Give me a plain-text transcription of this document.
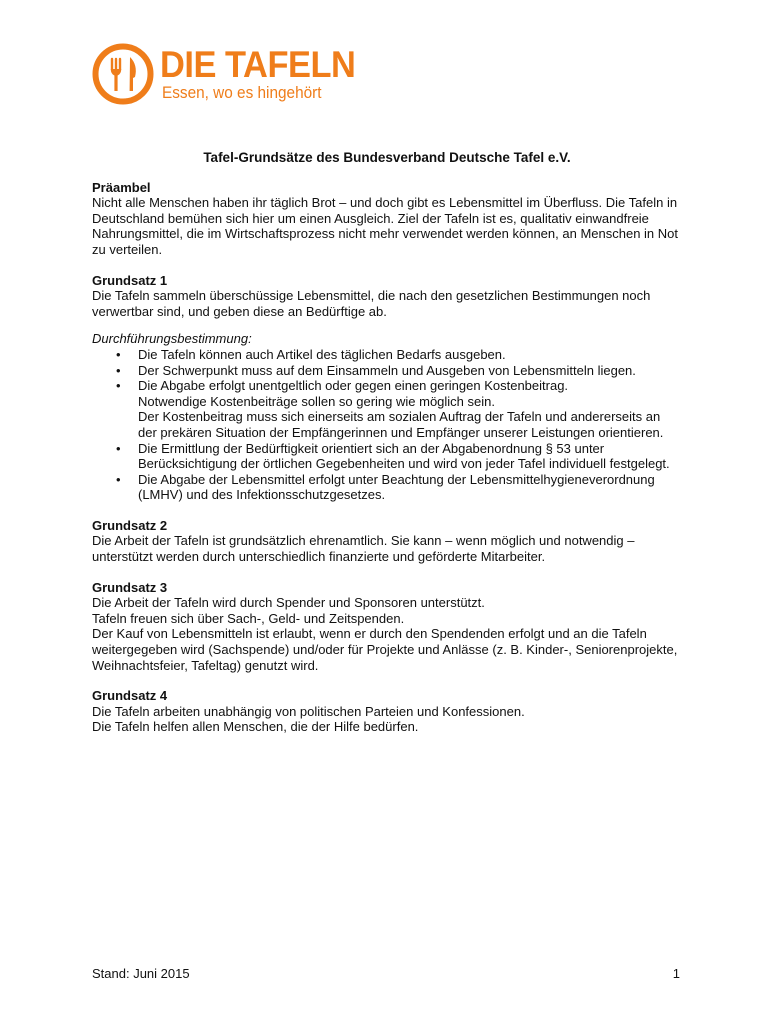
DIE TAFELN
Essen, wo es hingehört

Tafel-Grundsätze des Bundesverband Deutsche Tafel e.V.

Präambel

Nicht alle Menschen haben ihr täglich Brot – und doch gibt es Lebensmittel im Überfluss. Die Tafeln in Deutschland bemühen sich hier um einen Ausgleich. Ziel der Tafeln ist es, qualitativ einwandfreie Nahrungsmittel, die im Wirtschaftsprozess nicht mehr verwendet werden können, an Menschen in Not zu verteilen.

Grundsatz 1

Die Tafeln sammeln überschüssige Lebensmittel, die nach den gesetzlichen Bestimmungen noch verwertbar sind, und geben diese an Bedürftige ab.

Durchführungsbestimmung:

• Die Tafeln können auch Artikel des täglichen Bedarfs ausgeben.
• Der Schwerpunkt muss auf dem Einsammeln und Ausgeben von Lebensmitteln liegen.
• Die Abgabe erfolgt unentgeltlich oder gegen einen geringen Kostenbeitrag.
Notwendige Kostenbeiträge sollen so gering wie möglich sein.
Der Kostenbeitrag muss sich einerseits am sozialen Auftrag der Tafeln und andererseits an der prekären Situation der Empfängerinnen und Empfänger unserer Leistungen orientieren.
• Die Ermittlung der Bedürftigkeit orientiert sich an der Abgabenordnung § 53 unter Berücksichtigung der örtlichen Gegebenheiten und wird von jeder Tafel individuell festgelegt.
• Die Abgabe der Lebensmittel erfolgt unter Beachtung der Lebensmittelhygieneverordnung (LMHV) und des Infektionsschutzgesetzes.

Grundsatz 2

Die Arbeit der Tafeln ist grundsätzlich ehrenamtlich. Sie kann – wenn möglich und notwendig – unterstützt werden durch unterschiedlich finanzierte und geförderte Mitarbeiter.

Grundsatz 3

Die Arbeit der Tafeln wird durch Spender und Sponsoren unterstützt.

Tafeln freuen sich über Sach-, Geld- und Zeitspenden.

Der Kauf von Lebensmitteln ist erlaubt, wenn er durch den Spendenden erfolgt und an die Tafeln weitergegeben wird (Sachspende) und/oder für Projekte und Anlässe (z. B. Kinder-, Seniorenprojekte, Weihnachtsfeier, Tafeltag) genutzt wird.

Grundsatz 4

Die Tafeln arbeiten unabhängig von politischen Parteien und Konfessionen.

Die Tafeln helfen allen Menschen, die der Hilfe bedürfen.

Stand: Juni 2015	1
